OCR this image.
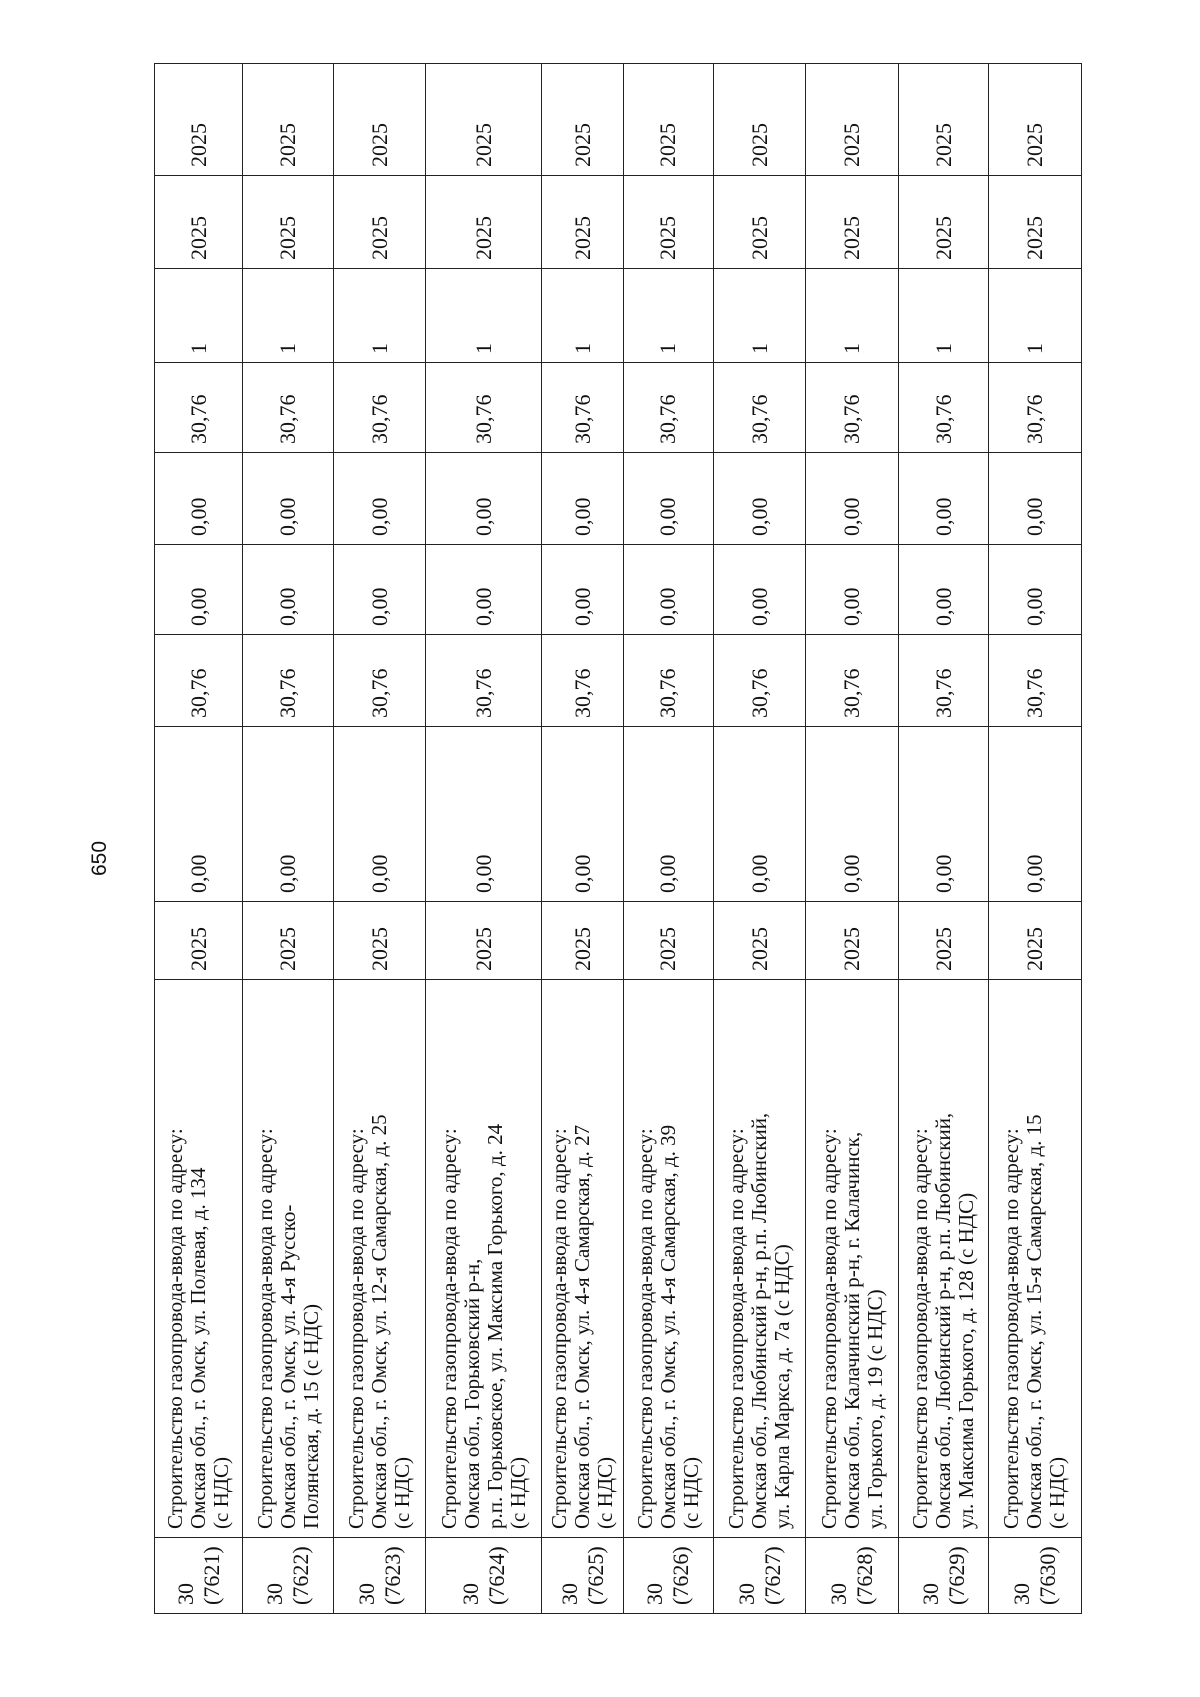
650
30 (7621)	Строительство газопровода-ввода по адресу: Омская обл., г. Омск, ул. Полевая, д. 134 (с НДС)	2025	0,00	30,76	0,00	0,00	30,76	1	2025	2025

30 (7622)	Строительство газопровода-ввода по адресу: Омская обл., г. Омск, ул. 4-я Русско- Полянская, д. 15 (с НДС)	2025	0,00	30,76	0,00	0,00	30,76	1	2025	2025

30 (7623)	Строительство газопровода-ввода по адресу: Омская обл., г. Омск, ул. 12-я Самарская, д. 25 (с НДС)	2025	0,00	30,76	0,00	0,00	30,76	1	2025	2025

30 (7624)	Строительство газопровода-ввода по адресу: Омская обл., Горьковский р-н, р.п. Горьковское, ул. Максима Горького, д. 24 (с НДС)	2025	0,00	30,76	0,00	0,00	30,76	1	2025	2025

30 (7625)	Строительство газопровода-ввода по адресу: Омская обл., г. Омск, ул. 4-я Самарская, д. 27 (с НДС)	2025	0,00	30,76	0,00	0,00	30,76	1	2025	2025

30 (7626)	Строительство газопровода-ввода по адресу: Омская обл., г. Омск, ул. 4-я Самарская, д. 39 (с НДС)	2025	0,00	30,76	0,00	0,00	30,76	1	2025	2025

30 (7627)	Строительство газопровода-ввода по адресу: Омская обл., Любинский р-н, р.п. Любинский, ул. Карла Маркса, д. 7а (с НДС)	2025	0,00	30,76	0,00	0,00	30,76	1	2025	2025

30 (7628)	Строительство газопровода-ввода по адресу: Омская обл., Калачинский р-н, г. Калачинск, ул. Горького, д. 19 (с НДС)	2025	0,00	30,76	0,00	0,00	30,76	1	2025	2025

30 (7629)	Строительство газопровода-ввода по адресу: Омская обл., Любинский р-н, р.п. Любинский, ул. Максима Горького, д. 128 (с НДС)	2025	0,00	30,76	0,00	0,00	30,76	1	2025	2025

30 (7630)	Строительство газопровода-ввода по адресу: Омская обл., г. Омск, ул. 15-я Самарская, д. 15 (с НДС)	2025	0,00	30,76	0,00	0,00	30,76	1	2025	2025
